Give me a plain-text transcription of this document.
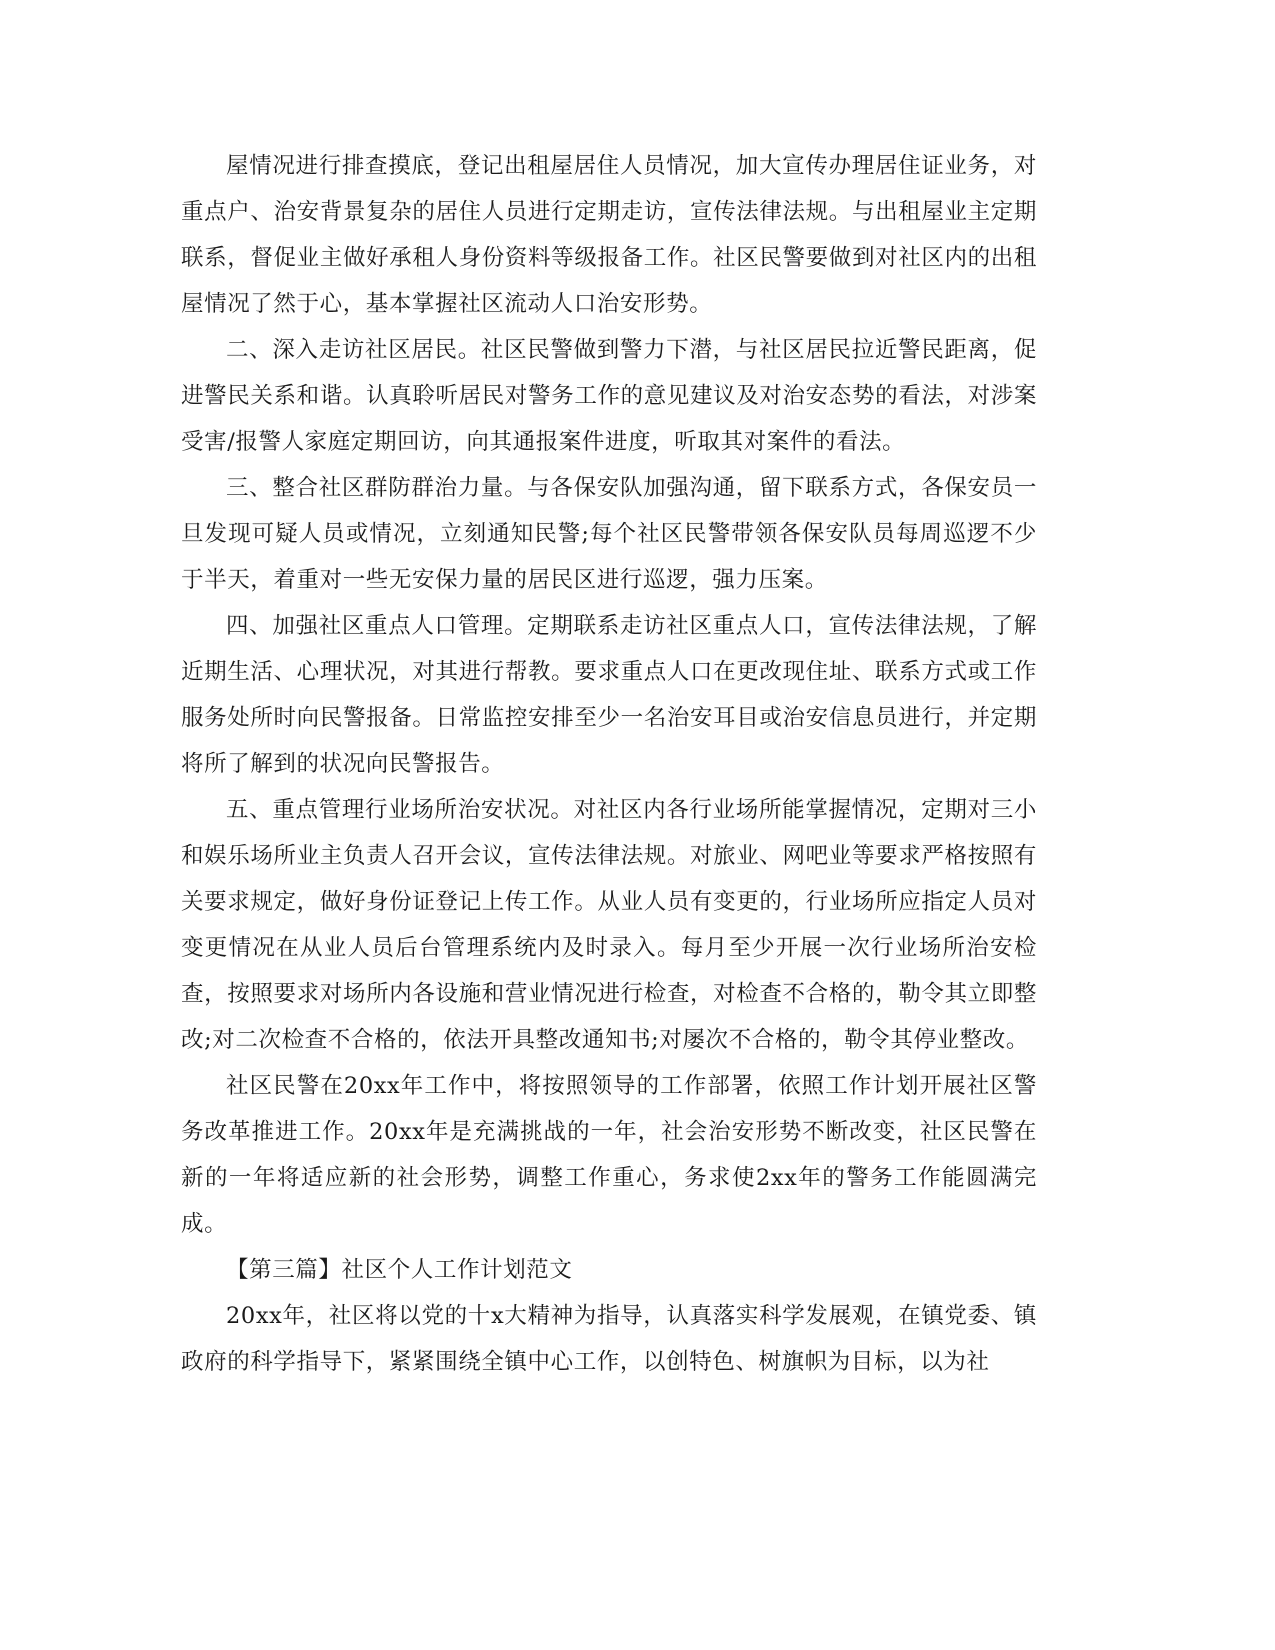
屋情况进行排查摸底，登记出租屋居住人员情况，加大宣传办理居住证业务，对重点户、治安背景复杂的居住人员进行定期走访，宣传法律法规。与出租屋业主定期联系，督促业主做好承租人身份资料等级报备工作。社区民警要做到对社区内的出租屋情况了然于心，基本掌握社区流动人口治安形势。

二、深入走访社区居民。社区民警做到警力下潜，与社区居民拉近警民距离，促进警民关系和谐。认真聆听居民对警务工作的意见建议及对治安态势的看法，对涉案受害/报警人家庭定期回访，向其通报案件进度，听取其对案件的看法。

三、整合社区群防群治力量。与各保安队加强沟通，留下联系方式，各保安员一旦发现可疑人员或情况，立刻通知民警;每个社区民警带领各保安队员每周巡逻不少于半天，着重对一些无安保力量的居民区进行巡逻，强力压案。

四、加强社区重点人口管理。定期联系走访社区重点人口，宣传法律法规，了解近期生活、心理状况，对其进行帮教。要求重点人口在更改现住址、联系方式或工作服务处所时向民警报备。日常监控安排至少一名治安耳目或治安信息员进行，并定期将所了解到的状况向民警报告。

五、重点管理行业场所治安状况。对社区内各行业场所能掌握情况，定期对三小和娱乐场所业主负责人召开会议，宣传法律法规。对旅业、网吧业等要求严格按照有关要求规定，做好身份证登记上传工作。从业人员有变更的，行业场所应指定人员对变更情况在从业人员后台管理系统内及时录入。每月至少开展一次行业场所治安检查，按照要求对场所内各设施和营业情况进行检查，对检查不合格的，勒令其立即整改;对二次检查不合格的，依法开具整改通知书;对屡次不合格的，勒令其停业整改。

社区民警在20xx年工作中，将按照领导的工作部署，依照工作计划开展社区警务改革推进工作。20xx年是充满挑战的一年，社会治安形势不断改变，社区民警在新的一年将适应新的社会形势，调整工作重心，务求使2xx年的警务工作能圆满完成。

【第三篇】社区个人工作计划范文

20xx年，社区将以党的十x大精神为指导，认真落实科学发展观，在镇党委、镇政府的科学指导下，紧紧围绕全镇中心工作，以创特色、树旗帜为目标，以为社
